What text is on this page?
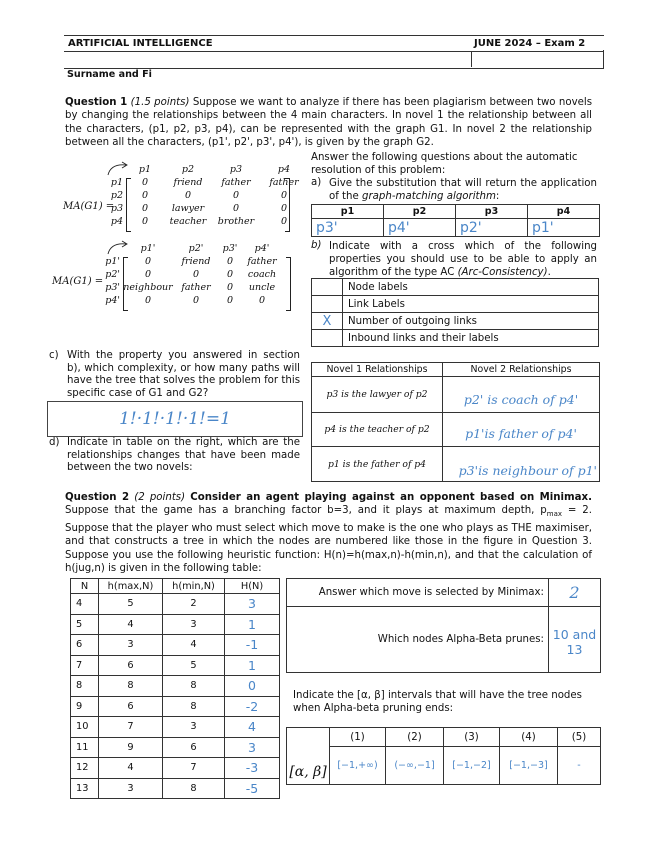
ARTIFICIAL INTELLIGENCE	JUNE 2024 – Exam 2
Surname and Fi
Question 1 (1.5 points) Suppose we want to analyze if there has been plagiarism between two novels by changing the relationships between the 4 main characters. In novel 1 the relationship between all the characters, (p1, p2, p3, p4), can be represented with the graph G1. In novel 2 the relationship between all the characters, (p1', p2', p3', p4'), is given by the graph G2.
MA(G1) =
	p1	p2	p3	p4
p1	0	friend	father	father
p2	0	0	0	0
p3	0	lawyer	0	0
p4	0	teacher	brother	0
MA(G1) =
	p1'	p2'	p3'	p4'
p1'	0	friend	0	father
p2'	0	0	0	coach
p3'	neighbour	father	0	uncle
p4'	0	0	0	0
Answer the following questions about the automatic resolution of this problem:
a) Give the substitution that will return the application of the graph-matching algorithm:
p1	p2	p3	p4
p3'	p4'	p2'	p1'
b) Indicate with a cross which of the following properties you should use to be able to apply an algorithm of the type AC (Arc-Consistency).
	Node labels
	Link Labels
X	Number of outgoing links
	Inbound links and their labels
c) With the property you answered in section b), which complexity, or how many paths will have the tree that solves the problem for this specific case of G1 and G2?
1!·1!·1!·1!=1
d) Indicate in table on the right, which are the relationships changes that have been made between the two novels:
Novel 1 Relationships	Novel 2 Relationships
p3 is the lawyer of p2	p2' is coach of p4'
p4 is the teacher of p2	p1'is father of p4'
p1 is the father of p4	p3'is neighbour of p1'
Question 2 (2 points) Consider an agent playing against an opponent based on Minimax. Suppose that the game has a branching factor b=3, and it plays at maximum depth, $p_{max} = 2$. Suppose that the player who must select which move to make is the one who plays as THE maximiser, and that constructs a tree in which the nodes are numbered like those in the figure in Question 3. Suppose you use the following heuristic function: H(n)=h(max,n)-h(min,n), and that the calculation of h(jug,n) is given in the following table:
N	h(max,N)	h(min,N)	H(N)
4	5	2	3
5	4	3	1
6	3	4	-1
7	6	5	1
8	8	8	0
9	6	8	-2
10	7	3	4
11	9	6	3
12	4	7	-3
13	3	8	-5
Answer which move is selected by Minimax:	2
Which nodes Alpha-Beta prunes:	10 and 13
Indicate the [α, β] intervals that will have the tree nodes when Alpha-beta pruning ends:
[α, β]	(1)	(2)	(3)	(4)	(5)
	[−1,+∞)	(−∞,−1]	[−1,−2]	[−1,−3]	-
